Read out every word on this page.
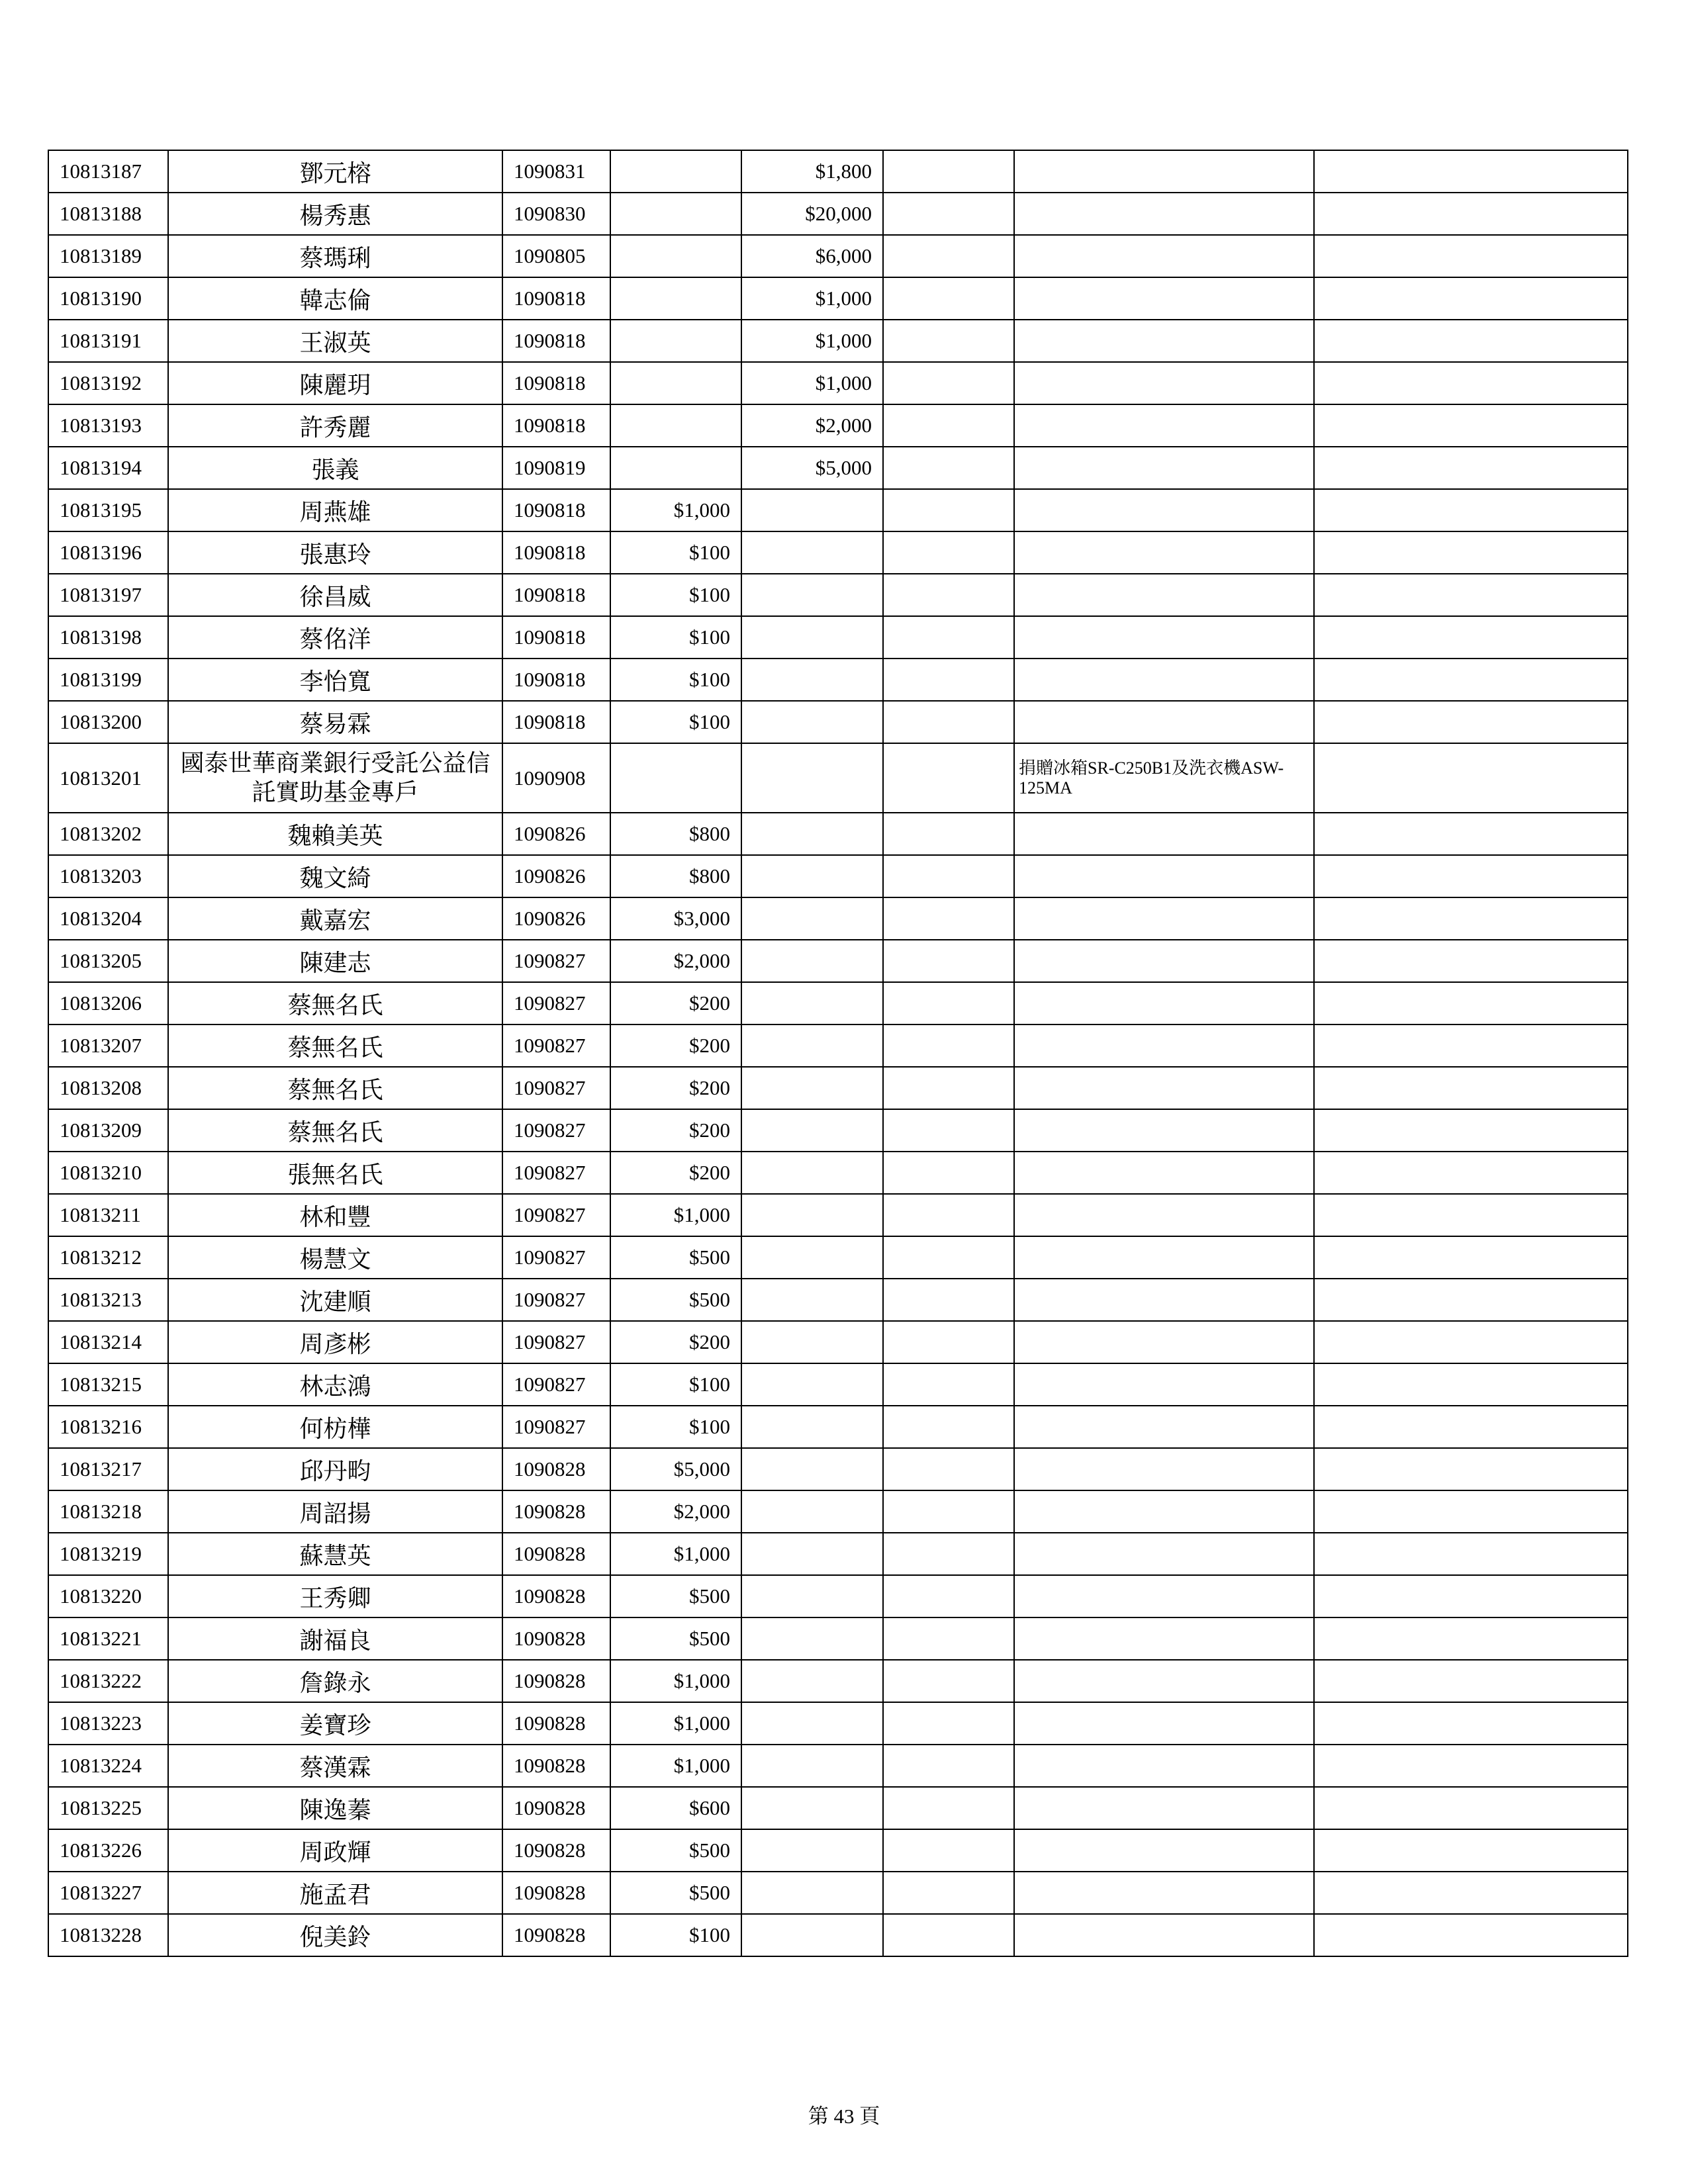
10813187	鄧元榕	1090831		$1,800			
10813188	楊秀惠	1090830		$20,000			
10813189	蔡瑪琍	1090805		$6,000			
10813190	韓志倫	1090818		$1,000			
10813191	王淑英	1090818		$1,000			
10813192	陳麗玥	1090818		$1,000			
10813193	許秀麗	1090818		$2,000			
10813194	張義	1090819		$5,000			
10813195	周燕雄	1090818	$1,000				
10813196	張惠玲	1090818	$100				
10813197	徐昌威	1090818	$100				
10813198	蔡佲洋	1090818	$100				
10813199	李怡寬	1090818	$100				
10813200	蔡易霖	1090818	$100				
10813201	國泰世華商業銀行受託公益信託實助基金專戶	1090908				捐贈冰箱SR-C250B1及洗衣機ASW-125MA	
10813202	魏賴美英	1090826	$800				
10813203	魏文綺	1090826	$800				
10813204	戴嘉宏	1090826	$3,000				
10813205	陳建志	1090827	$2,000				
10813206	蔡無名氏	1090827	$200				
10813207	蔡無名氏	1090827	$200				
10813208	蔡無名氏	1090827	$200				
10813209	蔡無名氏	1090827	$200				
10813210	張無名氏	1090827	$200				
10813211	林和豐	1090827	$1,000				
10813212	楊慧文	1090827	$500				
10813213	沈建順	1090827	$500				
10813214	周彥彬	1090827	$200				
10813215	林志鴻	1090827	$100				
10813216	何枋樺	1090827	$100				
10813217	邱丹畇	1090828	$5,000				
10813218	周詔揚	1090828	$2,000				
10813219	蘇慧英	1090828	$1,000				
10813220	王秀卿	1090828	$500				
10813221	謝福良	1090828	$500				
10813222	詹錄永	1090828	$1,000				
10813223	姜寶珍	1090828	$1,000				
10813224	蔡漢霖	1090828	$1,000				
10813225	陳逸蓁	1090828	$600				
10813226	周政輝	1090828	$500				
10813227	施孟君	1090828	$500				
10813228	倪美鈴	1090828	$100				
第 43 頁
